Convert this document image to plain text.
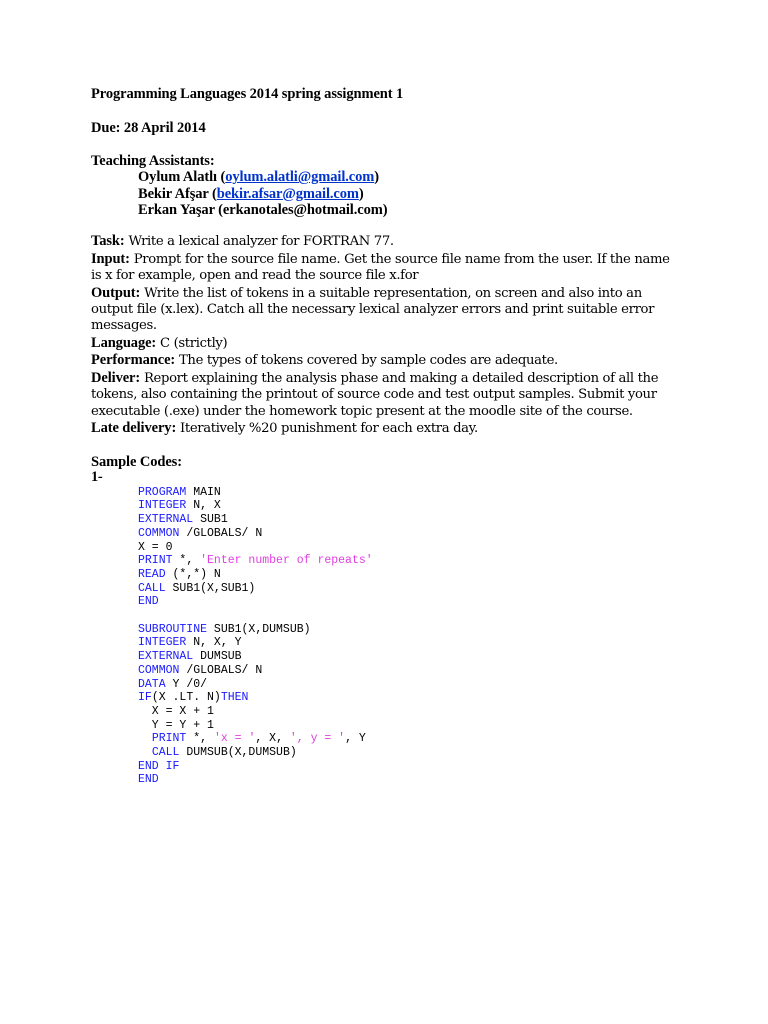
Programming Languages 2014 spring assignment 1
Due: 28 April 2014
Teaching Assistants:
Oylum Alatlı (oylum.alatli@gmail.com)
Bekir Afşar (bekir.afsar@gmail.com)
Erkan Yaşar (erkanotales@hotmail.com)

Task: Write a lexical analyzer for FORTRAN 77.

Input: Prompt for the source file name. Get the source file name from the user. If the name is x for example, open and read the source file x.for

Output: Write the list of tokens in a suitable representation, on screen and also into an output file (x.lex). Catch all the necessary lexical analyzer errors and print suitable error messages.

Language: C (strictly)

Performance: The types of tokens covered by sample codes are adequate.

Deliver: Report explaining the analysis phase and making a detailed description of all the tokens, also containing the printout of source code and test output samples. Submit your executable (.exe) under the homework topic present at the moodle site of the course.

Late delivery: Iteratively %20 punishment for each extra day.

Sample Codes:
1-
PROGRAM MAIN
INTEGER N, X
EXTERNAL SUB1
COMMON /GLOBALS/ N
X = 0
PRINT *, 'Enter number of repeats'
READ (*,*) N
CALL SUB1(X,SUB1)
END
SUBROUTINE SUB1(X,DUMSUB)
INTEGER N, X, Y
EXTERNAL DUMSUB
COMMON /GLOBALS/ N
DATA Y /0/
IF(X .LT. N)THEN
X = X + 1
Y = Y + 1
PRINT *, 'x = ', X, ', y = ', Y
CALL DUMSUB(X,DUMSUB)
END IF
END
